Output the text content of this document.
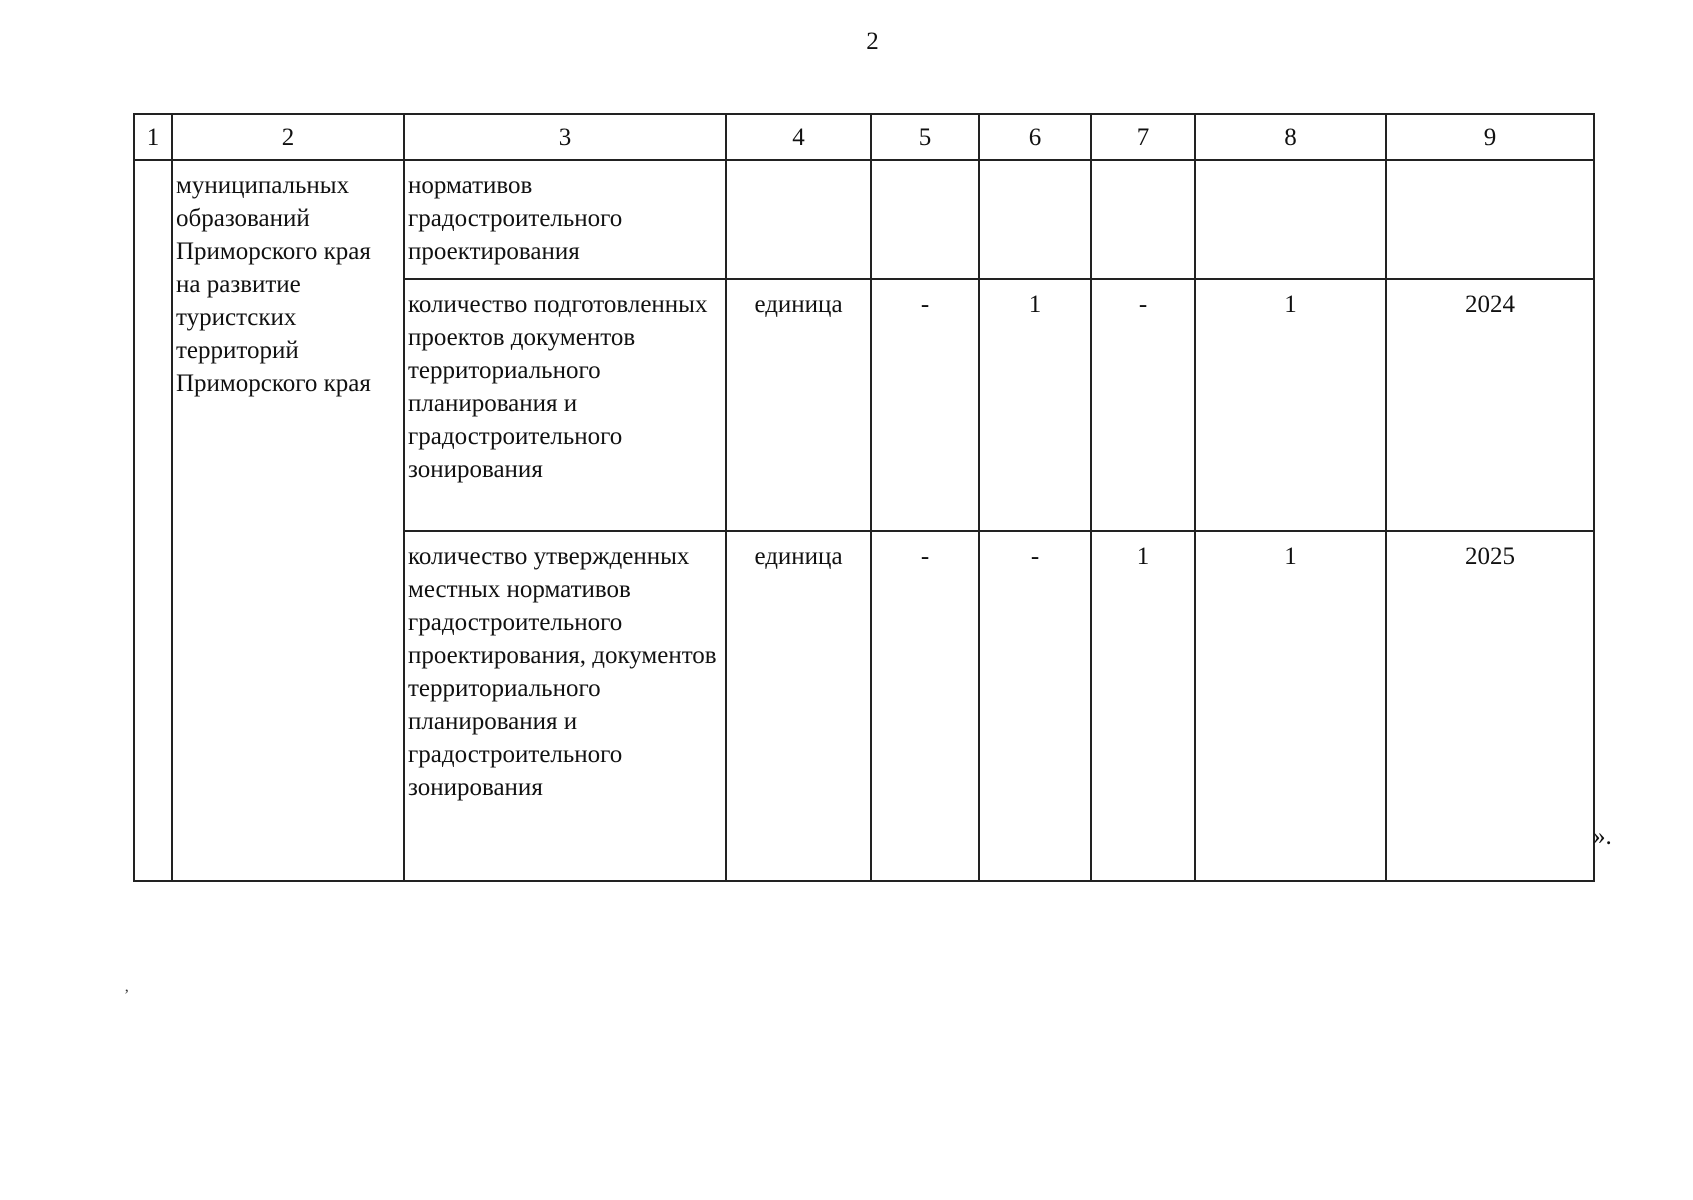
2
1	2	3	4	5	6	7	8	9
	муниципальных образований Приморского края на развитие туристских территорий Приморского края	нормативов градостроительного проектирования						
		количество подготовленных проектов документов территориального планирования и градостроительного зонирования	единица	-	1	-	1	2024
		количество утвержденных местных нормативов градостроительного проектирования, документов территориального планирования и градостроительного зонирования	единица	-	-	1	1	2025
».
‚
